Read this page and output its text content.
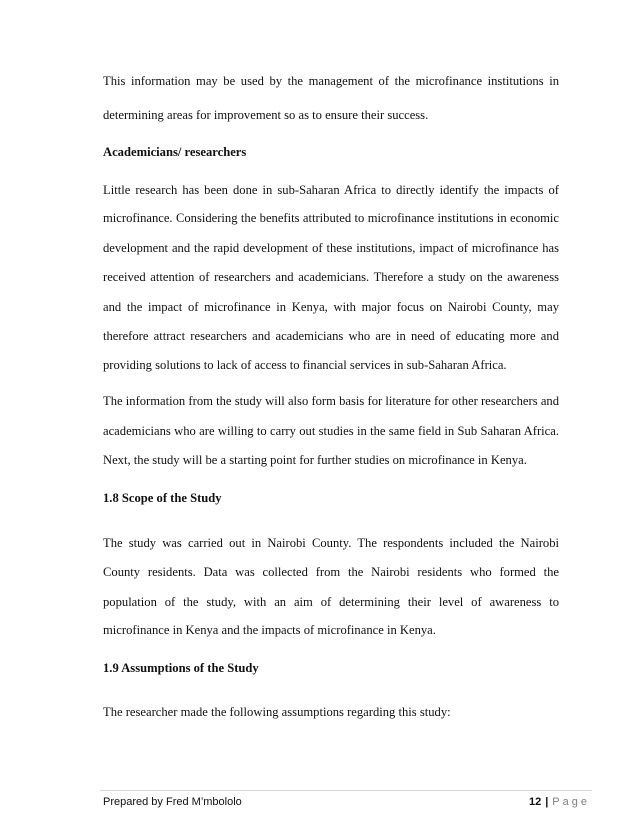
This information may be used by the management of the microfinance institutions in
determining areas for improvement so as to ensure their success.
Academicians/ researchers
Little research has been done in sub-Saharan Africa to directly identify the impacts of
microfinance. Considering the benefits attributed to microfinance institutions in economic
development and the rapid development of these institutions, impact of microfinance has
received attention of researchers and academicians. Therefore a study on the awareness
and the impact of microfinance in Kenya, with major focus on Nairobi County, may
therefore attract researchers and academicians who are in need of educating more and
providing solutions to lack of access to financial services in sub-Saharan Africa.
The information from the study will also form basis for literature for other researchers and
academicians who are willing to carry out studies in the same field in Sub Saharan Africa.
Next, the study will be a starting point for further studies on microfinance in Kenya.
1.8 Scope of the Study
The study was carried out in Nairobi County. The respondents included the Nairobi
County residents. Data was collected from the Nairobi residents who formed the
population of the study, with an aim of determining their level of awareness to
microfinance in Kenya and the impacts of microfinance in Kenya.
1.9 Assumptions of the Study
The researcher made the following assumptions regarding this study:
Prepared by Fred M’mbololo	12 | Page
